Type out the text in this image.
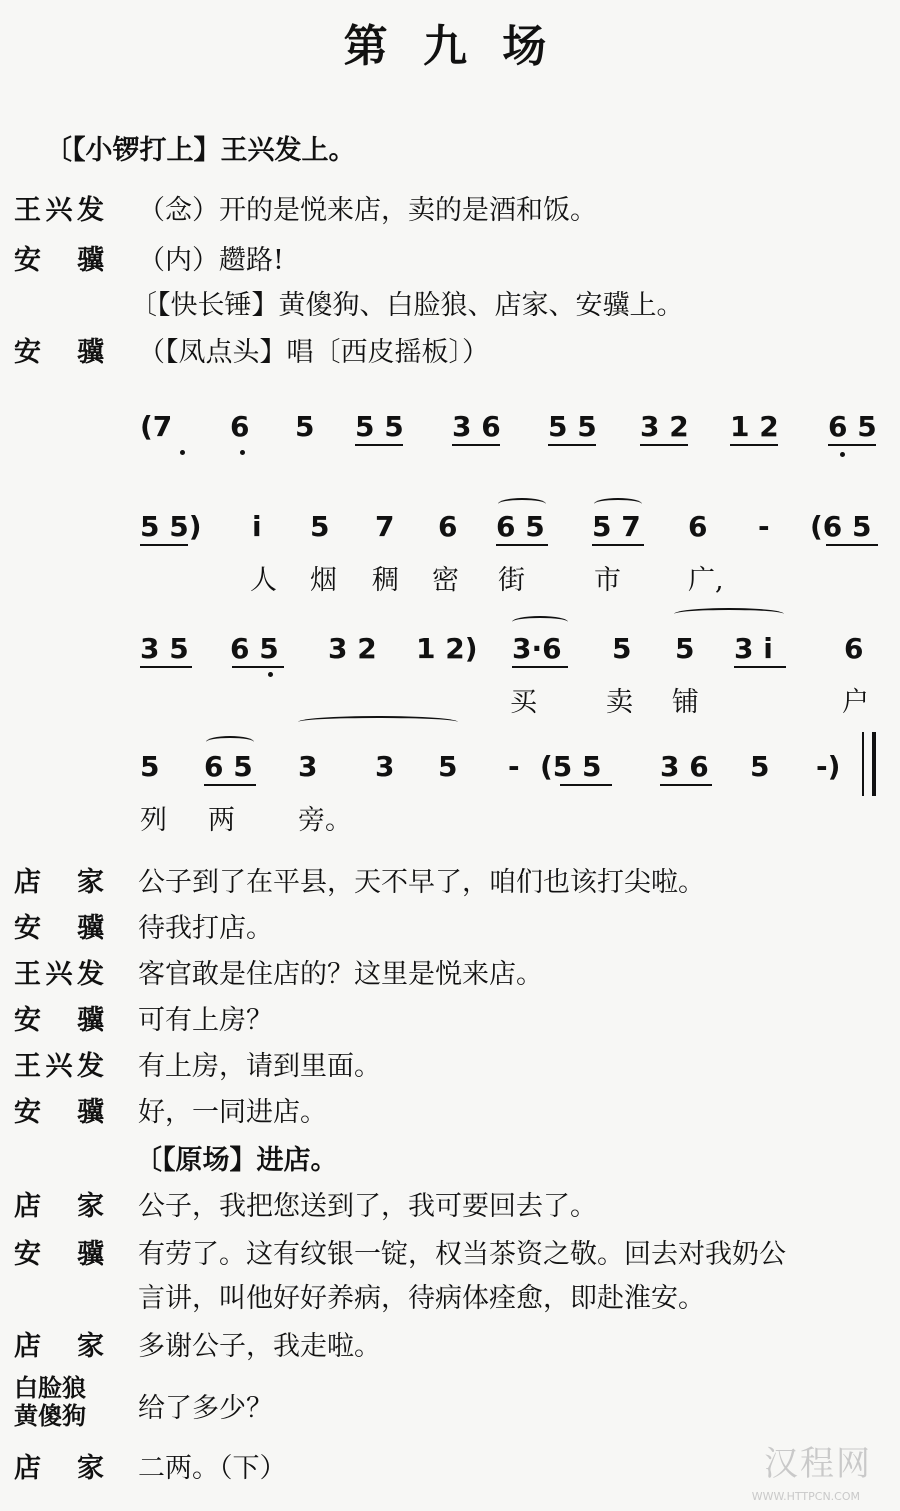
第 九 场
〔【小锣打上】王兴发上。
王兴发 （念）开的是悦来店，卖的是酒和饭。
安 骥 （内）趱路!
〔【快长锤】黄傻狗、白脸狼、店家、安骥上。
安 骥 （【凤点头】唱〔西皮摇板〕）
(7 6 5 5 5 3 6 5 5 3 2 1 2 6 5
5 5) i 5 7 6 6 5 5 7 6 - (6 5
人 烟 稠 密 街	市 广,
3 5 6 5 3 2 1 2) 3·6 5 5 3 i	6
买	卖 铺	户
5 6 5 3 3 5 - (5 5 3 6 5 -)
列 两 旁。
店 家 公子到了在平县，天不早了，咱们也该打尖啦。
安 骥 待我打店。
王兴发 客官敢是住店的？这里是悦来店。
安 骥 可有上房？
王兴发 有上房，请到里面。
安 骥 好，一同进店。
〔【原场】进店。
店 家 公子，我把您送到了，我可要回去了。
安 骥 有劳了。这有纹银一锭，权当茶资之敬。回去对我奶公
言讲，叫他好好养病，待病体痊愈，即赴淮安。
店 家 多谢公子，我走啦。
白脸狼
黄傻狗	给了多少？
店 家 二两。（下）	汉程网
WWW.HTTPCN.COM
